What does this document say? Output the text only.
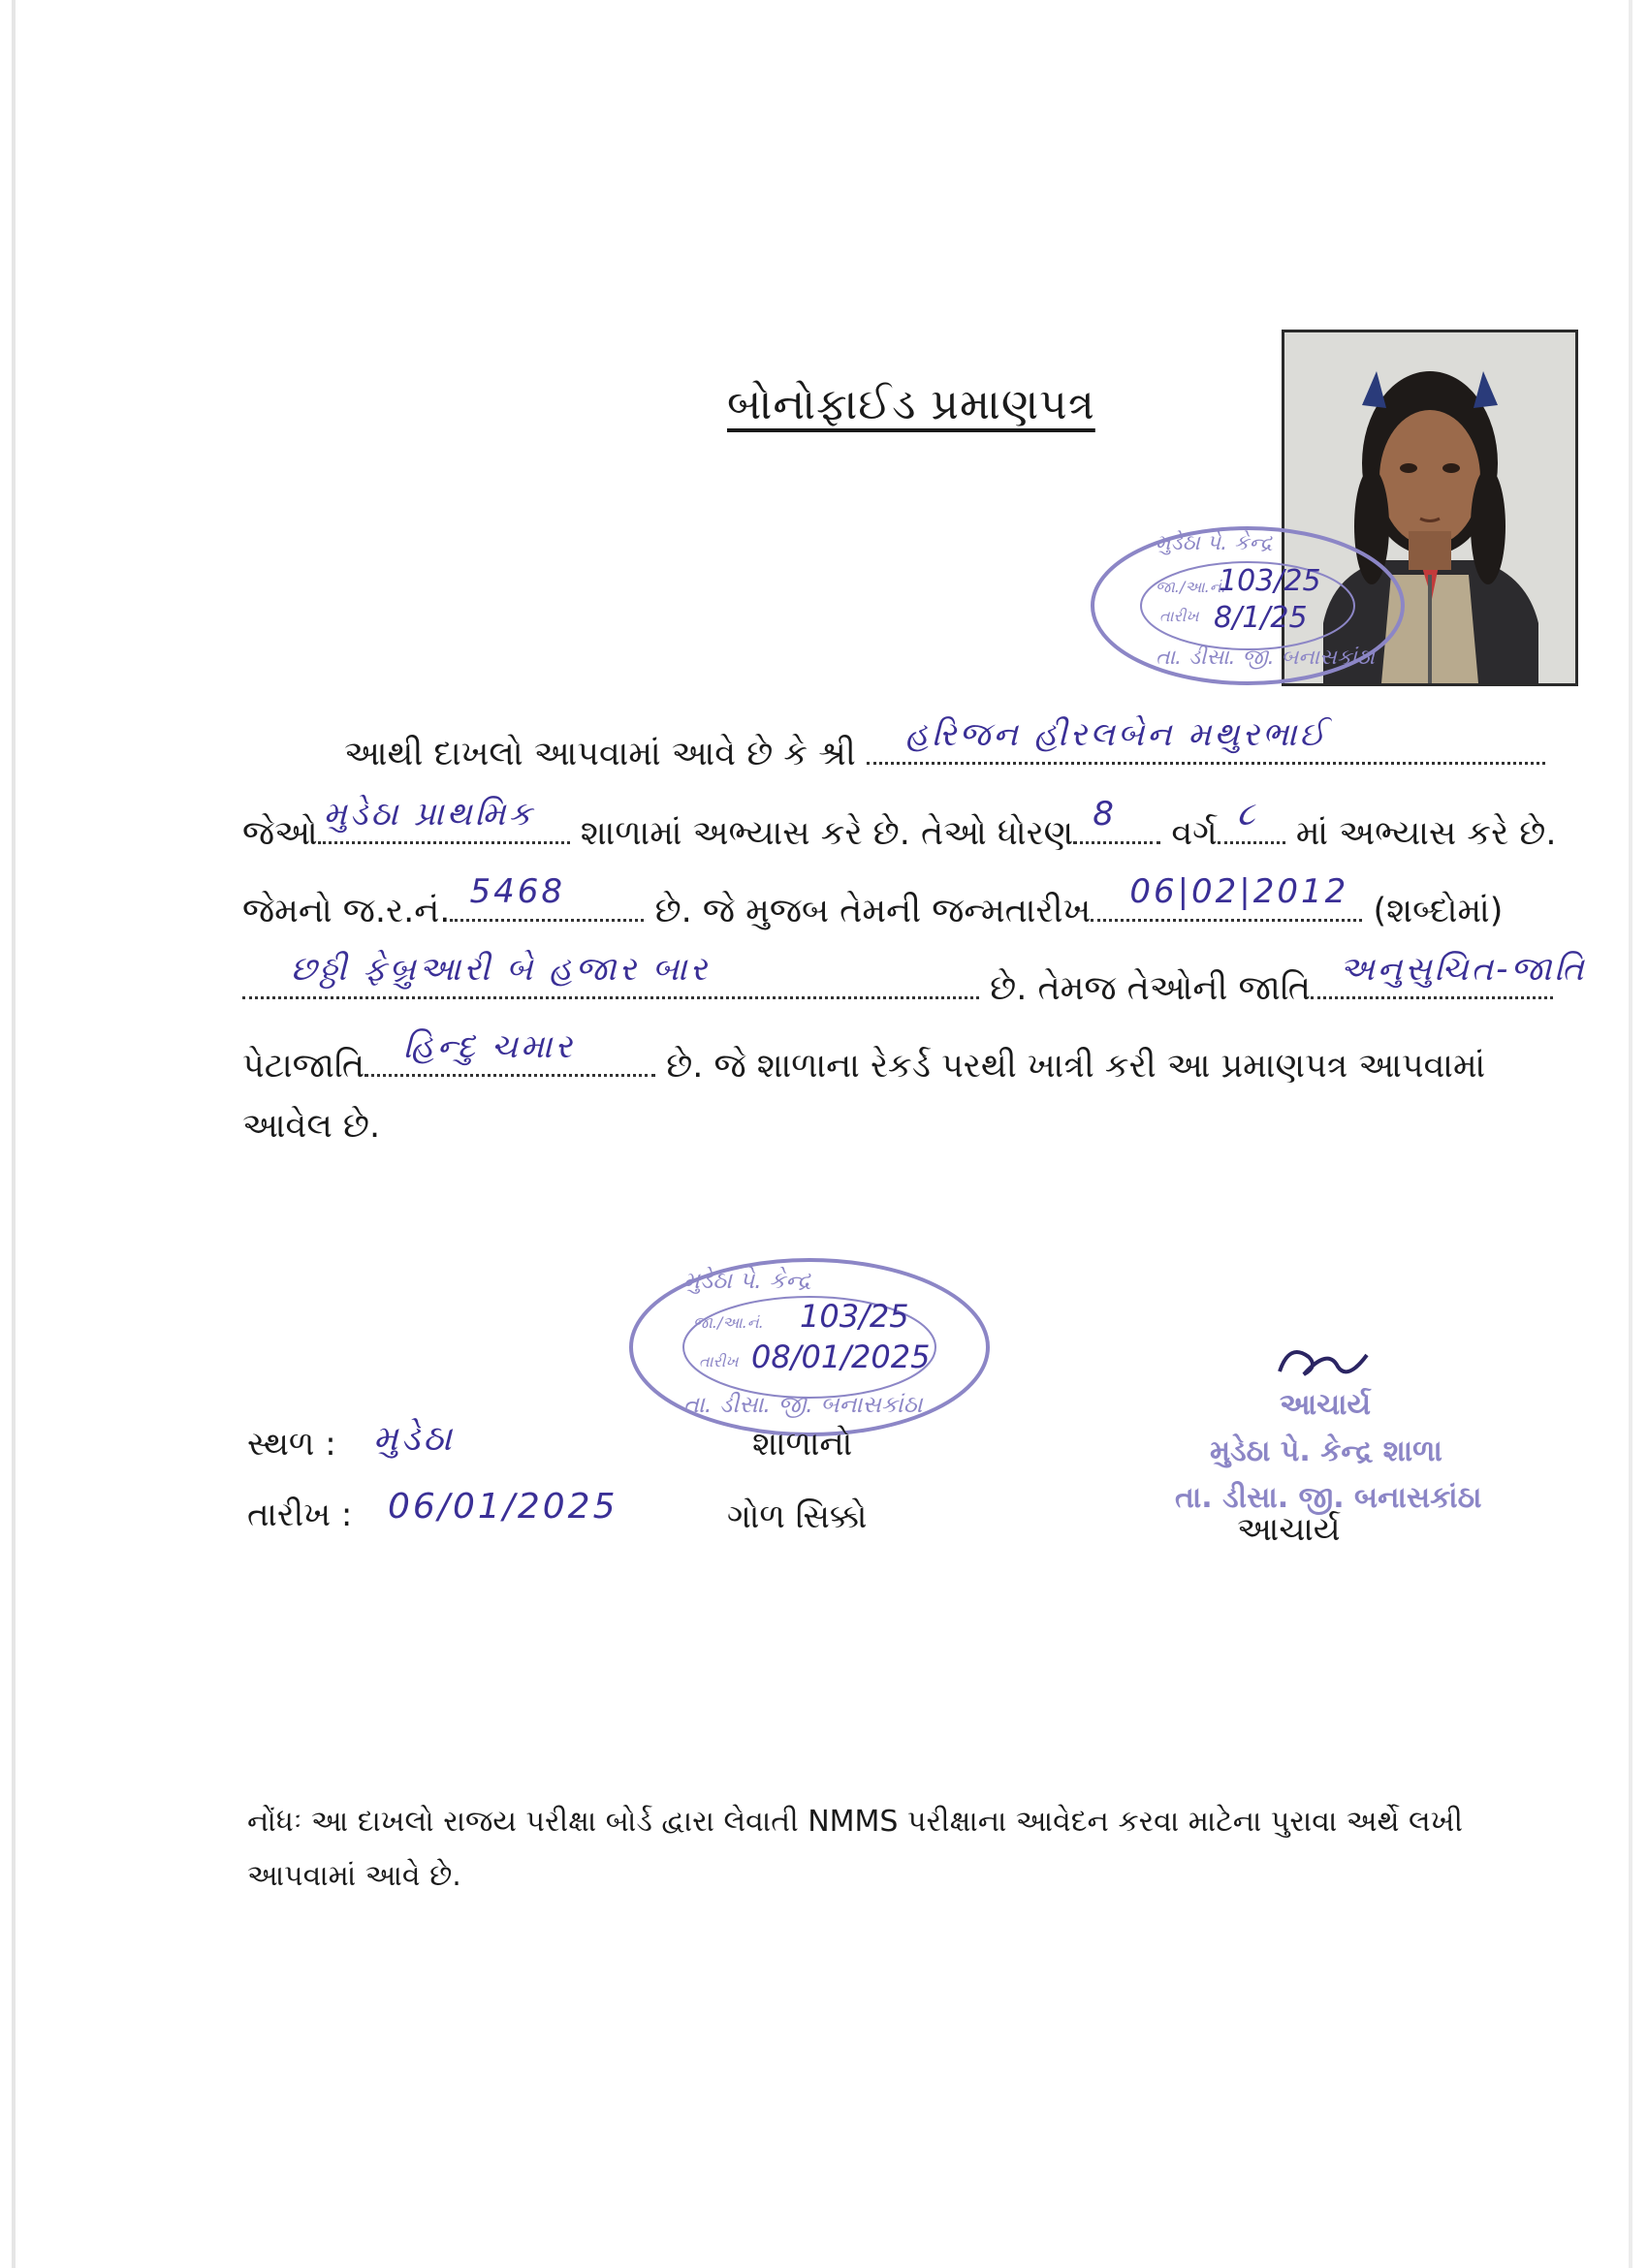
બોનોફાઈડ પ્રમાણપત્ર
મુડેઠા પે. કેન્દ્ર
જા./આ.નં.
103/25
તારીખ 8/1/25
તા. ડીસા. જી. બનાસકાંઠા
આથી દાખલો આપવામાં આવે છે કે શ્રી હરિજન હીરલબેન મથુરભાઈ
જેઓ મુડેઠા પ્રાથમિક શાળામાં અભ્યાસ કરે છે. તેઓ ધોરણ 8 વર્ગ ૮ માં અભ્યાસ કરે છે.
જેમનો જ.ર.નં. 5468	છે. જે મુજબ તેમની જન્મતારીખ 06|02|2012 (શબ્દોમાં)
છઠ્ઠી ફેબ્રુઆરી બે હજાર બાર	છે. તેમજ તેઓની જાતિ અનુસુચિત-જાતિ
પેટાજાતિ હિન્દુ ચમાર	છે. જે શાળાના રેકર્ડ પરથી ખાત્રી કરી આ પ્રમાણપત્ર આપવામાં
આવેલ છે.
મુડેઠા પે. કેન્દ્ર
જા./આ.નં. 103/25
તારીખ 08/01/2025
તા. ડીસા. જી. બનાસકાંઠા
સ્થળ : મુડેઠા
તારીખ : 06/01/2025
શાળાનો
ગોળ સિક્કો
આચાર્ય
મુડેઠા પે. કેન્દ્ર શાળા
તા. ડીસા. જી. બનાસકાંઠા
આચાર્ય
નોંધઃ આ દાખલો રાજય પરીક્ષા બોર્ડ દ્વારા લેવાતી NMMS પરીક્ષાના આવેદન કરવા માટેના પુરાવા અર્થે લખી
આપવામાં આવે છે.
